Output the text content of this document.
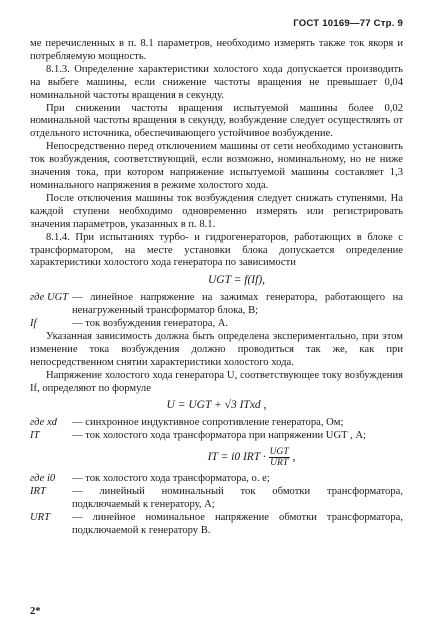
ГОСТ 10169—77 Стр. 9

ме перечисленных в п. 8.1 параметров, необходимо измерять также ток якоря и потребляемую мощность.

8.1.3. Определение характеристики холостого хода допускается производить на выбеге машины, если снижение частоты вращения не превышает 0,04 номинальной частоты вращения в секунду.

При снижении частоты вращения испытуемой машины более 0,02 номинальной частоты вращения в секунду, возбуждение следует осуществлять от отдельного источника, обеспечивающего устойчивое возбуждение.

Непосредственно перед отключением машины от сети необходимо установить ток возбуждения, соответствующий, если возможно, номинальному, но не ниже значения тока, при котором напряжение испытуемой машины составляет 1,3 номинального напряжения в режиме холостого хода.

После отключения машины ток возбуждения следует снижать ступенями. На каждой ступени необходимо одновременно измерять или регистрировать значения параметров, указанных в п. 8.1.

8.1.4. При испытаниях турбо- и гидрогенераторов, работающих в блоке с трансформатором, на месте установки блока допускается определение характеристики холостого хода генератора по зависимости

UGT = f(If),
где UGT — линейное напряжение на зажимах генератора, работающего на ненагруженный трансформатор блока, В;
If	— ток возбуждения генератора, А.

Указанная зависимость должна быть определена экспериментально, при этом изменение тока возбуждения должно проводиться так же, как при непосредственном снятии характеристики холостого хода.

Напряжение холостого хода генератора U, соответствующее току возбуждения If, определяют по формуле

U = UGT + √3 ITxd ,
где xd	— синхронное индуктивное сопротивление генератора, Ом;
IT	— ток холостого хода трансформатора при напряжении UGT , А;
IT = i0 IRT · $\frac{\text{UGT}}{\text{URT}}$ ,
где i0	— ток холостого хода трансформатора, о. е;
IRT	— линейный номинальный ток обмотки трансформатора, подключаемый к генератору, А;
URT	— линейное номинальное напряжение обмотки трансформатора, подключаемой к генератору В.
2*
